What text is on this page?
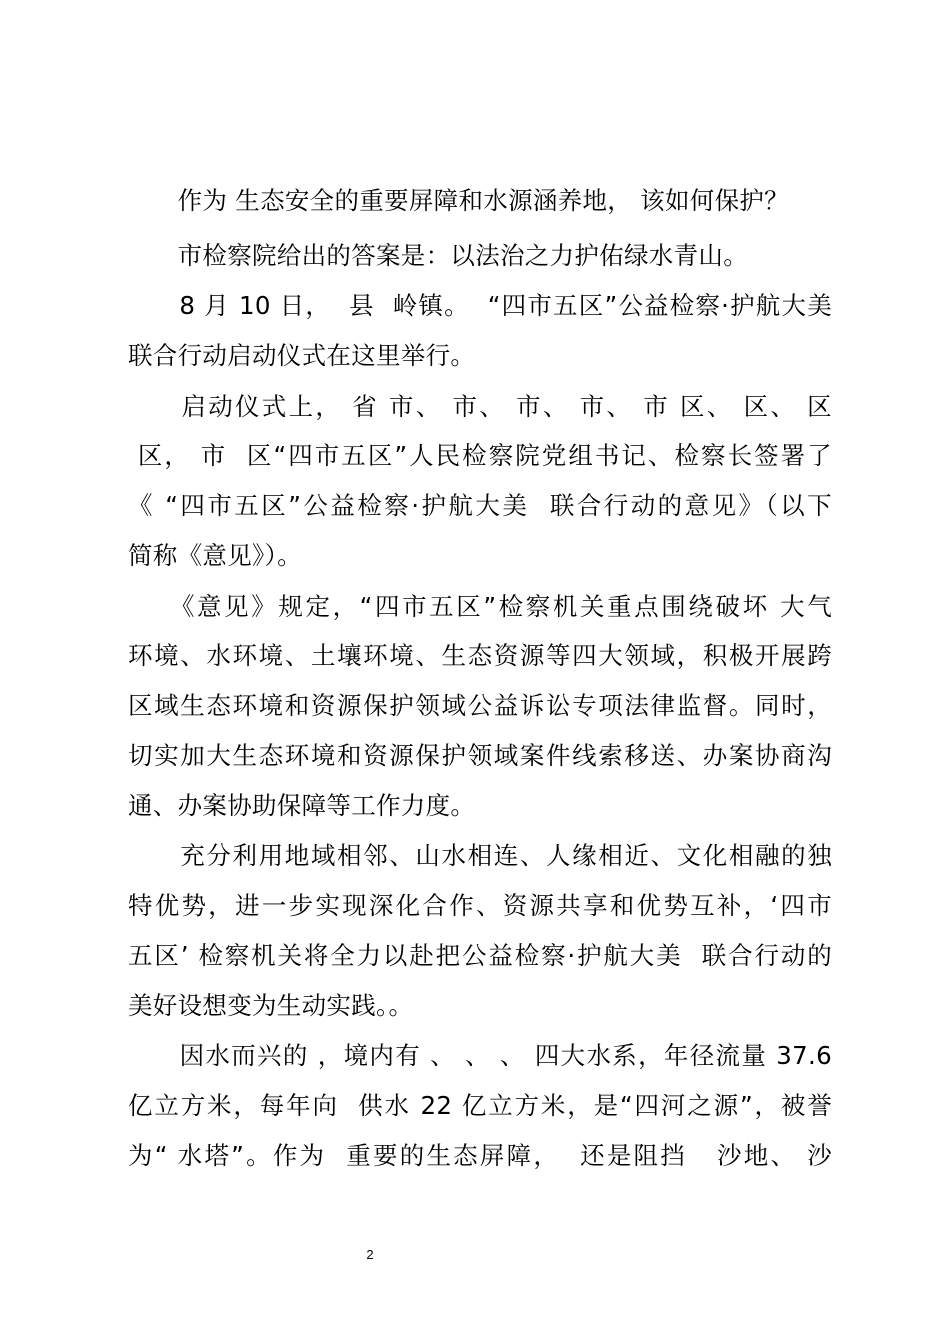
　　作为 生态安全的重要屏障和水源涵养地， 该如何保护？
　　市检察院给出的答案是：以法治之力护佑绿水青山。
　　8 月 10 日，  县  岭镇。  “四市五区”公益检察·护航大美
联合行动启动仪式在这里举行。
　　启动仪式上， 省 市、 市、 市、 市、 市 区、 区、 区
区， 市  区“四市五区”人民检察院党组书记、检察长签署了
《 “四市五区”公益检察·护航大美  联合行动的意见》（以下
简称《意见》）。
　　《意见》规定，“四市五区”检察机关重点围绕破坏 大气
环境、水环境、土壤环境、生态资源等四大领域，积极开展跨
区域生态环境和资源保护领域公益诉讼专项法律监督。同时，
切实加大生态环境和资源保护领域案件线索移送、办案协商沟
通、办案协助保障等工作力度。
　　充分利用地域相邻、山水相连、人缘相近、文化相融的独
特优势，进一步实现深化合作、资源共享和优势互补，‘四市
五区’ 检察机关将全力以赴把公益检察·护航大美  联合行动的
美好设想变为生动实践。。
　　因水而兴的 ，境内有 、 、 、 四大水系，年径流量 37.6
亿立方米，每年向  供水 22 亿立方米，是“四河之源”，被誉
为“ 水塔”。作为  重要的生态屏障，  还是阻挡   沙地、 沙
2
